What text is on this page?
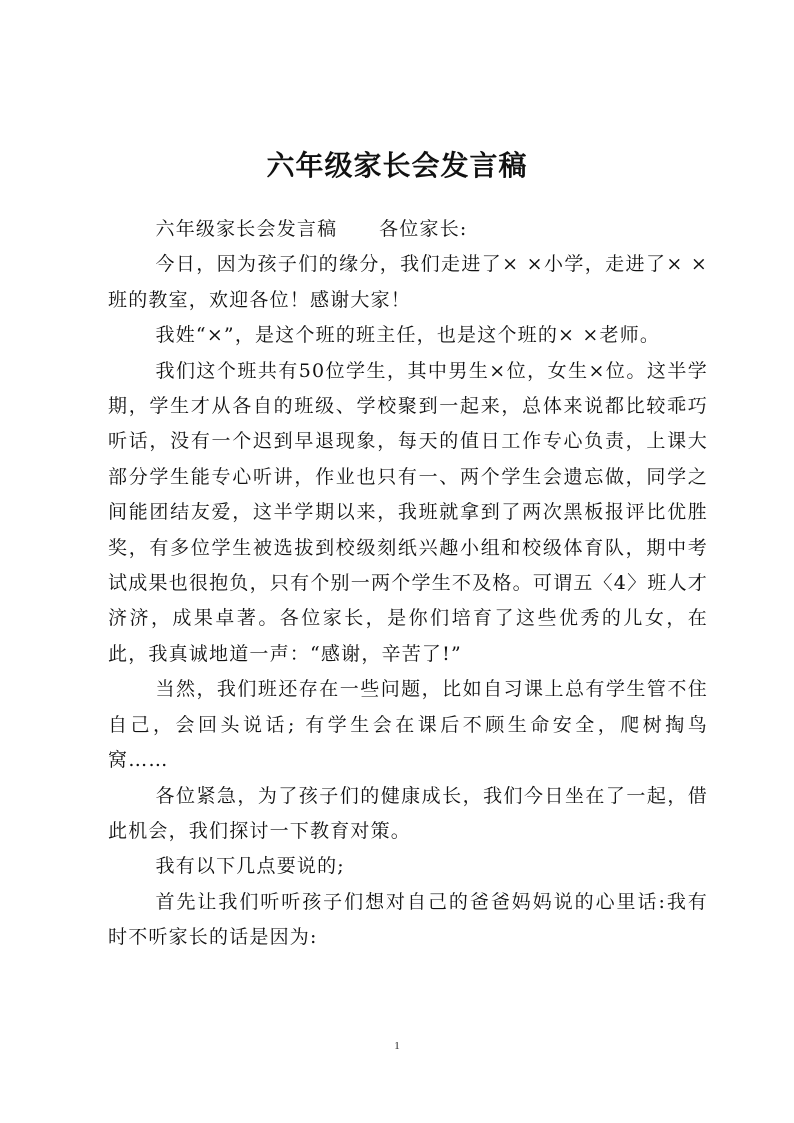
六年级家长会发言稿

六年级家长会发言稿 各位家长:

今日，因为孩子们的缘分，我们走进了× ×小学，走进了× ×班的教室，欢迎各位！感谢大家！

我姓“×”，是这个班的班主任，也是这个班的× ×老师。

我们这个班共有50位学生，其中男生×位，女生×位。这半学期，学生才从各自的班级、学校聚到一起来，总体来说都比较乖巧听话，没有一个迟到早退现象，每天的值日工作专心负责，上课大部分学生能专心听讲，作业也只有一、两个学生会遗忘做，同学之间能团结友爱，这半学期以来，我班就拿到了两次黑板报评比优胜奖，有多位学生被选拔到校级刻纸兴趣小组和校级体育队，期中考试成果也很抱负，只有个别一两个学生不及格。可谓五〈4〉班人才济济，成果卓著。各位家长，是你们培育了这些优秀的儿女，在此，我真诚地道一声：“感谢，辛苦了!”

当然，我们班还存在一些问题，比如自习课上总有学生管不住自己，会回头说话; 有学生会在课后不顾生命安全，爬树掏鸟窝……

各位紧急，为了孩子们的健康成长，我们今日坐在了一起，借此机会，我们探讨一下教育对策。

我有以下几点要说的;

首先让我们听听孩子们想对自己的爸爸妈妈说的心里话:我有时不听家长的话是因为:

1
